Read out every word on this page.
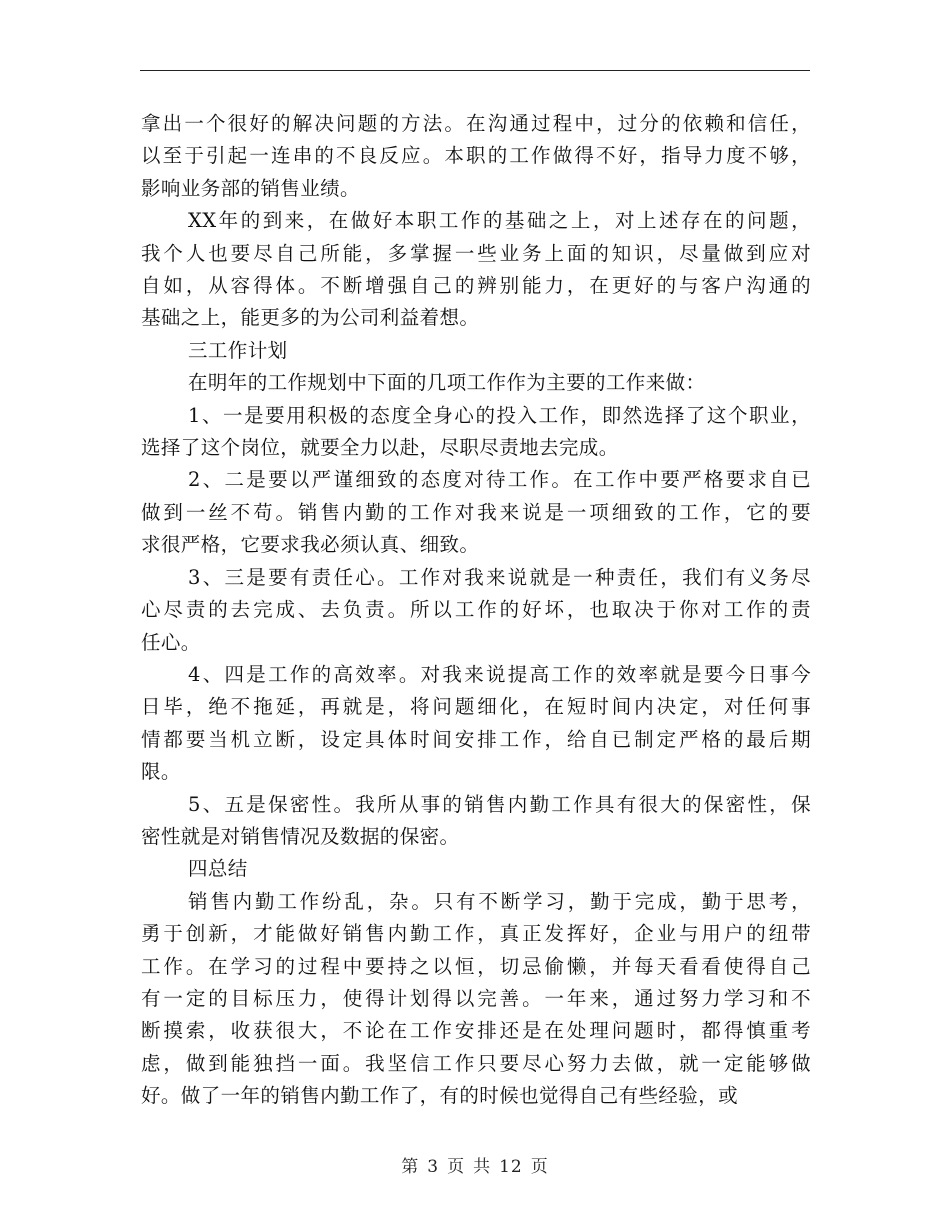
拿出一个很好的解决问题的方法。在沟通过程中，过分的依赖和信任，
以至于引起一连串的不良反应。本职的工作做得不好，指导力度不够，
影响业务部的销售业绩。

XX年的到来，在做好本职工作的基础之上，对上述存在的问题，
我个人也要尽自己所能，多掌握一些业务上面的知识，尽量做到应对
自如，从容得体。不断增强自己的辨别能力，在更好的与客户沟通的
基础之上，能更多的为公司利益着想。

三工作计划

在明年的工作规划中下面的几项工作作为主要的工作来做：

1、一是要用积极的态度全身心的投入工作，即然选择了这个职业，
选择了这个岗位，就要全力以赴，尽职尽责地去完成。

2、二是要以严谨细致的态度对待工作。在工作中要严格要求自已
做到一丝不苟。销售内勤的工作对我来说是一项细致的工作，它的要
求很严格，它要求我必须认真、细致。

3、三是要有责任心。工作对我来说就是一种责任，我们有义务尽
心尽责的去完成、去负责。所以工作的好坏，也取决于你对工作的责
任心。

4、四是工作的高效率。对我来说提高工作的效率就是要今日事今
日毕，绝不拖延，再就是，将问题细化，在短时间内决定，对任何事
情都要当机立断，设定具体时间安排工作，给自已制定严格的最后期
限。

5、五是保密性。我所从事的销售内勤工作具有很大的保密性，保
密性就是对销售情况及数据的保密。

四总结

销售内勤工作纷乱，杂。只有不断学习，勤于完成，勤于思考，
勇于创新，才能做好销售内勤工作，真正发挥好，企业与用户的纽带
工作。在学习的过程中要持之以恒，切忌偷懒，并每天看看使得自己
有一定的目标压力，使得计划得以完善。一年来，通过努力学习和不
断摸索，收获很大，不论在工作安排还是在处理问题时，都得慎重考
虑，做到能独挡一面。我坚信工作只要尽心努力去做，就一定能够做
好。做了一年的销售内勤工作了，有的时候也觉得自己有些经验，或

第 3 页 共 12 页
